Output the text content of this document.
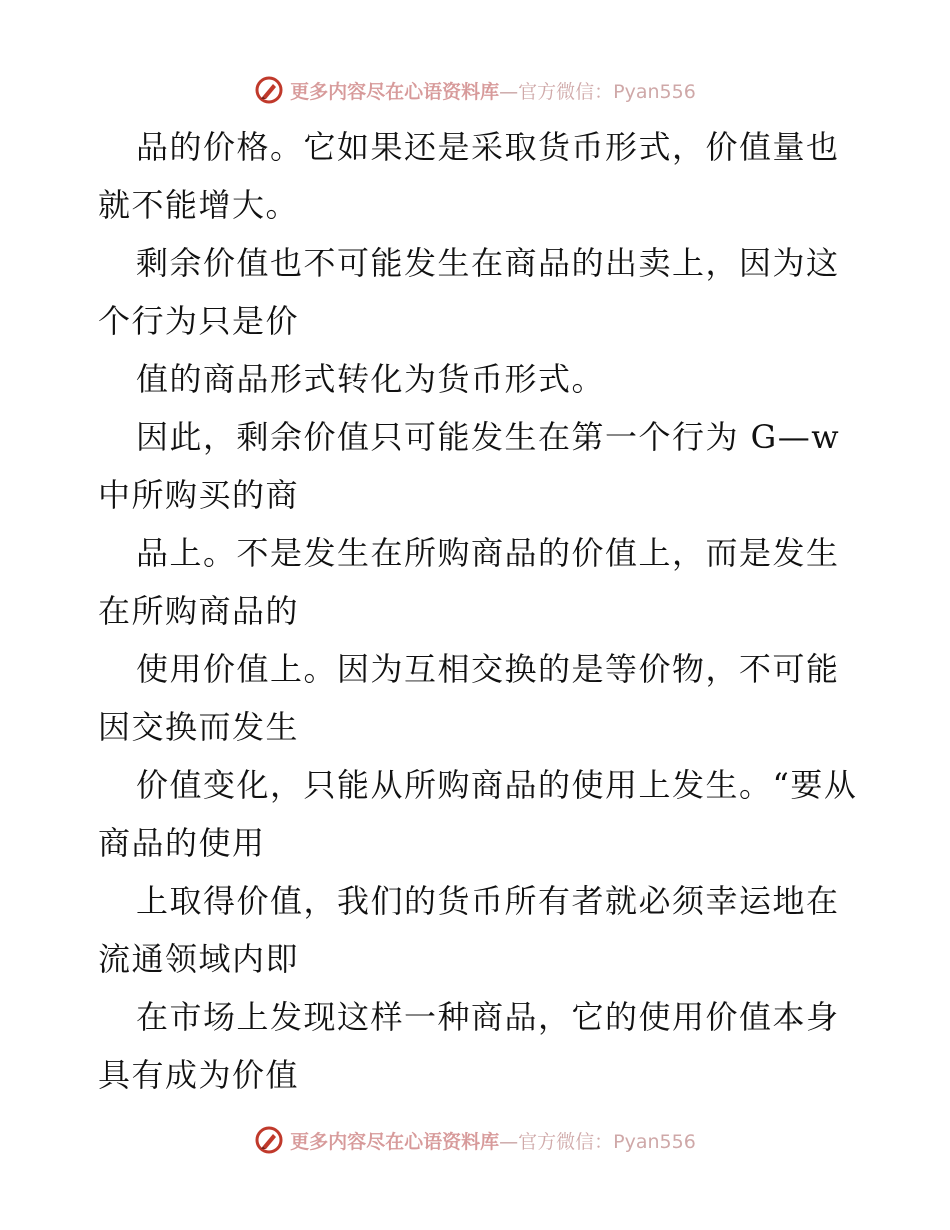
更多内容尽在心语资料库—官方微信：Pyan556

品的价格。它如果还是采取货币形式，价值量也就不能增大。

剩余价值也不可能发生在商品的出卖上，因为这个行为只是价

值的商品形式转化为货币形式。

因此，剩余价值只可能发生在第一个行为 G—w 中所购买的商

品上。不是发生在所购商品的价值上，而是发生在所购商品的

使用价值上。因为互相交换的是等价物，不可能因交换而发生

价值变化，只能从所购商品的使用上发生。“要从商品的使用

上取得价值，我们的货币所有者就必须幸运地在流通领域内即

在市场上发现这样一种商品，它的使用价值本身具有成为价值

更多内容尽在心语资料库—官方微信：Pyan556
